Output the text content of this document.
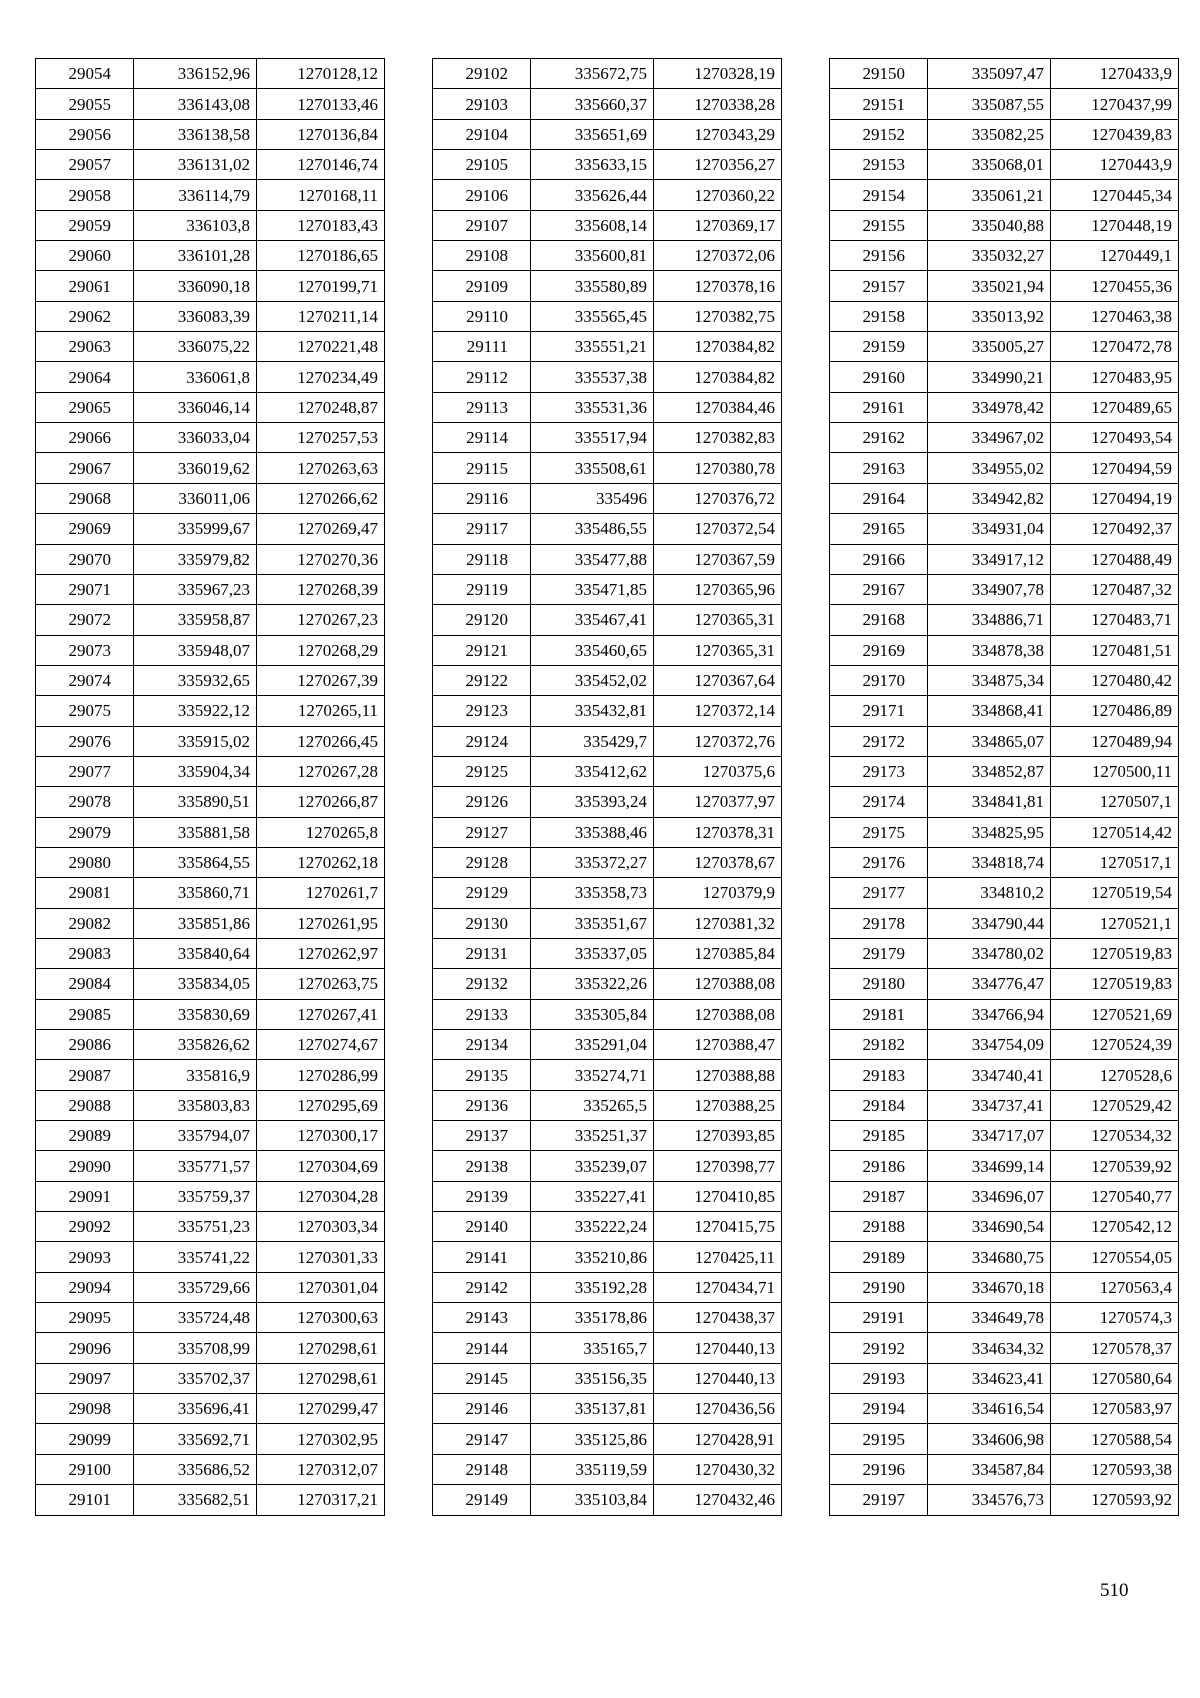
29054	336152,96	1270128,12
29055	336143,08	1270133,46
29056	336138,58	1270136,84
29057	336131,02	1270146,74
29058	336114,79	1270168,11
29059	336103,8	1270183,43
29060	336101,28	1270186,65
29061	336090,18	1270199,71
29062	336083,39	1270211,14
29063	336075,22	1270221,48
29064	336061,8	1270234,49
29065	336046,14	1270248,87
29066	336033,04	1270257,53
29067	336019,62	1270263,63
29068	336011,06	1270266,62
29069	335999,67	1270269,47
29070	335979,82	1270270,36
29071	335967,23	1270268,39
29072	335958,87	1270267,23
29073	335948,07	1270268,29
29074	335932,65	1270267,39
29075	335922,12	1270265,11
29076	335915,02	1270266,45
29077	335904,34	1270267,28
29078	335890,51	1270266,87
29079	335881,58	1270265,8
29080	335864,55	1270262,18
29081	335860,71	1270261,7
29082	335851,86	1270261,95
29083	335840,64	1270262,97
29084	335834,05	1270263,75
29085	335830,69	1270267,41
29086	335826,62	1270274,67
29087	335816,9	1270286,99
29088	335803,83	1270295,69
29089	335794,07	1270300,17
29090	335771,57	1270304,69
29091	335759,37	1270304,28
29092	335751,23	1270303,34
29093	335741,22	1270301,33
29094	335729,66	1270301,04
29095	335724,48	1270300,63
29096	335708,99	1270298,61
29097	335702,37	1270298,61
29098	335696,41	1270299,47
29099	335692,71	1270302,95
29100	335686,52	1270312,07
29101	335682,51	1270317,21
29102	335672,75	1270328,19
29103	335660,37	1270338,28
29104	335651,69	1270343,29
29105	335633,15	1270356,27
29106	335626,44	1270360,22
29107	335608,14	1270369,17
29108	335600,81	1270372,06
29109	335580,89	1270378,16
29110	335565,45	1270382,75
29111	335551,21	1270384,82
29112	335537,38	1270384,82
29113	335531,36	1270384,46
29114	335517,94	1270382,83
29115	335508,61	1270380,78
29116	335496	1270376,72
29117	335486,55	1270372,54
29118	335477,88	1270367,59
29119	335471,85	1270365,96
29120	335467,41	1270365,31
29121	335460,65	1270365,31
29122	335452,02	1270367,64
29123	335432,81	1270372,14
29124	335429,7	1270372,76
29125	335412,62	1270375,6
29126	335393,24	1270377,97
29127	335388,46	1270378,31
29128	335372,27	1270378,67
29129	335358,73	1270379,9
29130	335351,67	1270381,32
29131	335337,05	1270385,84
29132	335322,26	1270388,08
29133	335305,84	1270388,08
29134	335291,04	1270388,47
29135	335274,71	1270388,88
29136	335265,5	1270388,25
29137	335251,37	1270393,85
29138	335239,07	1270398,77
29139	335227,41	1270410,85
29140	335222,24	1270415,75
29141	335210,86	1270425,11
29142	335192,28	1270434,71
29143	335178,86	1270438,37
29144	335165,7	1270440,13
29145	335156,35	1270440,13
29146	335137,81	1270436,56
29147	335125,86	1270428,91
29148	335119,59	1270430,32
29149	335103,84	1270432,46
29150	335097,47	1270433,9
29151	335087,55	1270437,99
29152	335082,25	1270439,83
29153	335068,01	1270443,9
29154	335061,21	1270445,34
29155	335040,88	1270448,19
29156	335032,27	1270449,1
29157	335021,94	1270455,36
29158	335013,92	1270463,38
29159	335005,27	1270472,78
29160	334990,21	1270483,95
29161	334978,42	1270489,65
29162	334967,02	1270493,54
29163	334955,02	1270494,59
29164	334942,82	1270494,19
29165	334931,04	1270492,37
29166	334917,12	1270488,49
29167	334907,78	1270487,32
29168	334886,71	1270483,71
29169	334878,38	1270481,51
29170	334875,34	1270480,42
29171	334868,41	1270486,89
29172	334865,07	1270489,94
29173	334852,87	1270500,11
29174	334841,81	1270507,1
29175	334825,95	1270514,42
29176	334818,74	1270517,1
29177	334810,2	1270519,54
29178	334790,44	1270521,1
29179	334780,02	1270519,83
29180	334776,47	1270519,83
29181	334766,94	1270521,69
29182	334754,09	1270524,39
29183	334740,41	1270528,6
29184	334737,41	1270529,42
29185	334717,07	1270534,32
29186	334699,14	1270539,92
29187	334696,07	1270540,77
29188	334690,54	1270542,12
29189	334680,75	1270554,05
29190	334670,18	1270563,4
29191	334649,78	1270574,3
29192	334634,32	1270578,37
29193	334623,41	1270580,64
29194	334616,54	1270583,97
29195	334606,98	1270588,54
29196	334587,84	1270593,38
29197	334576,73	1270593,92
510
